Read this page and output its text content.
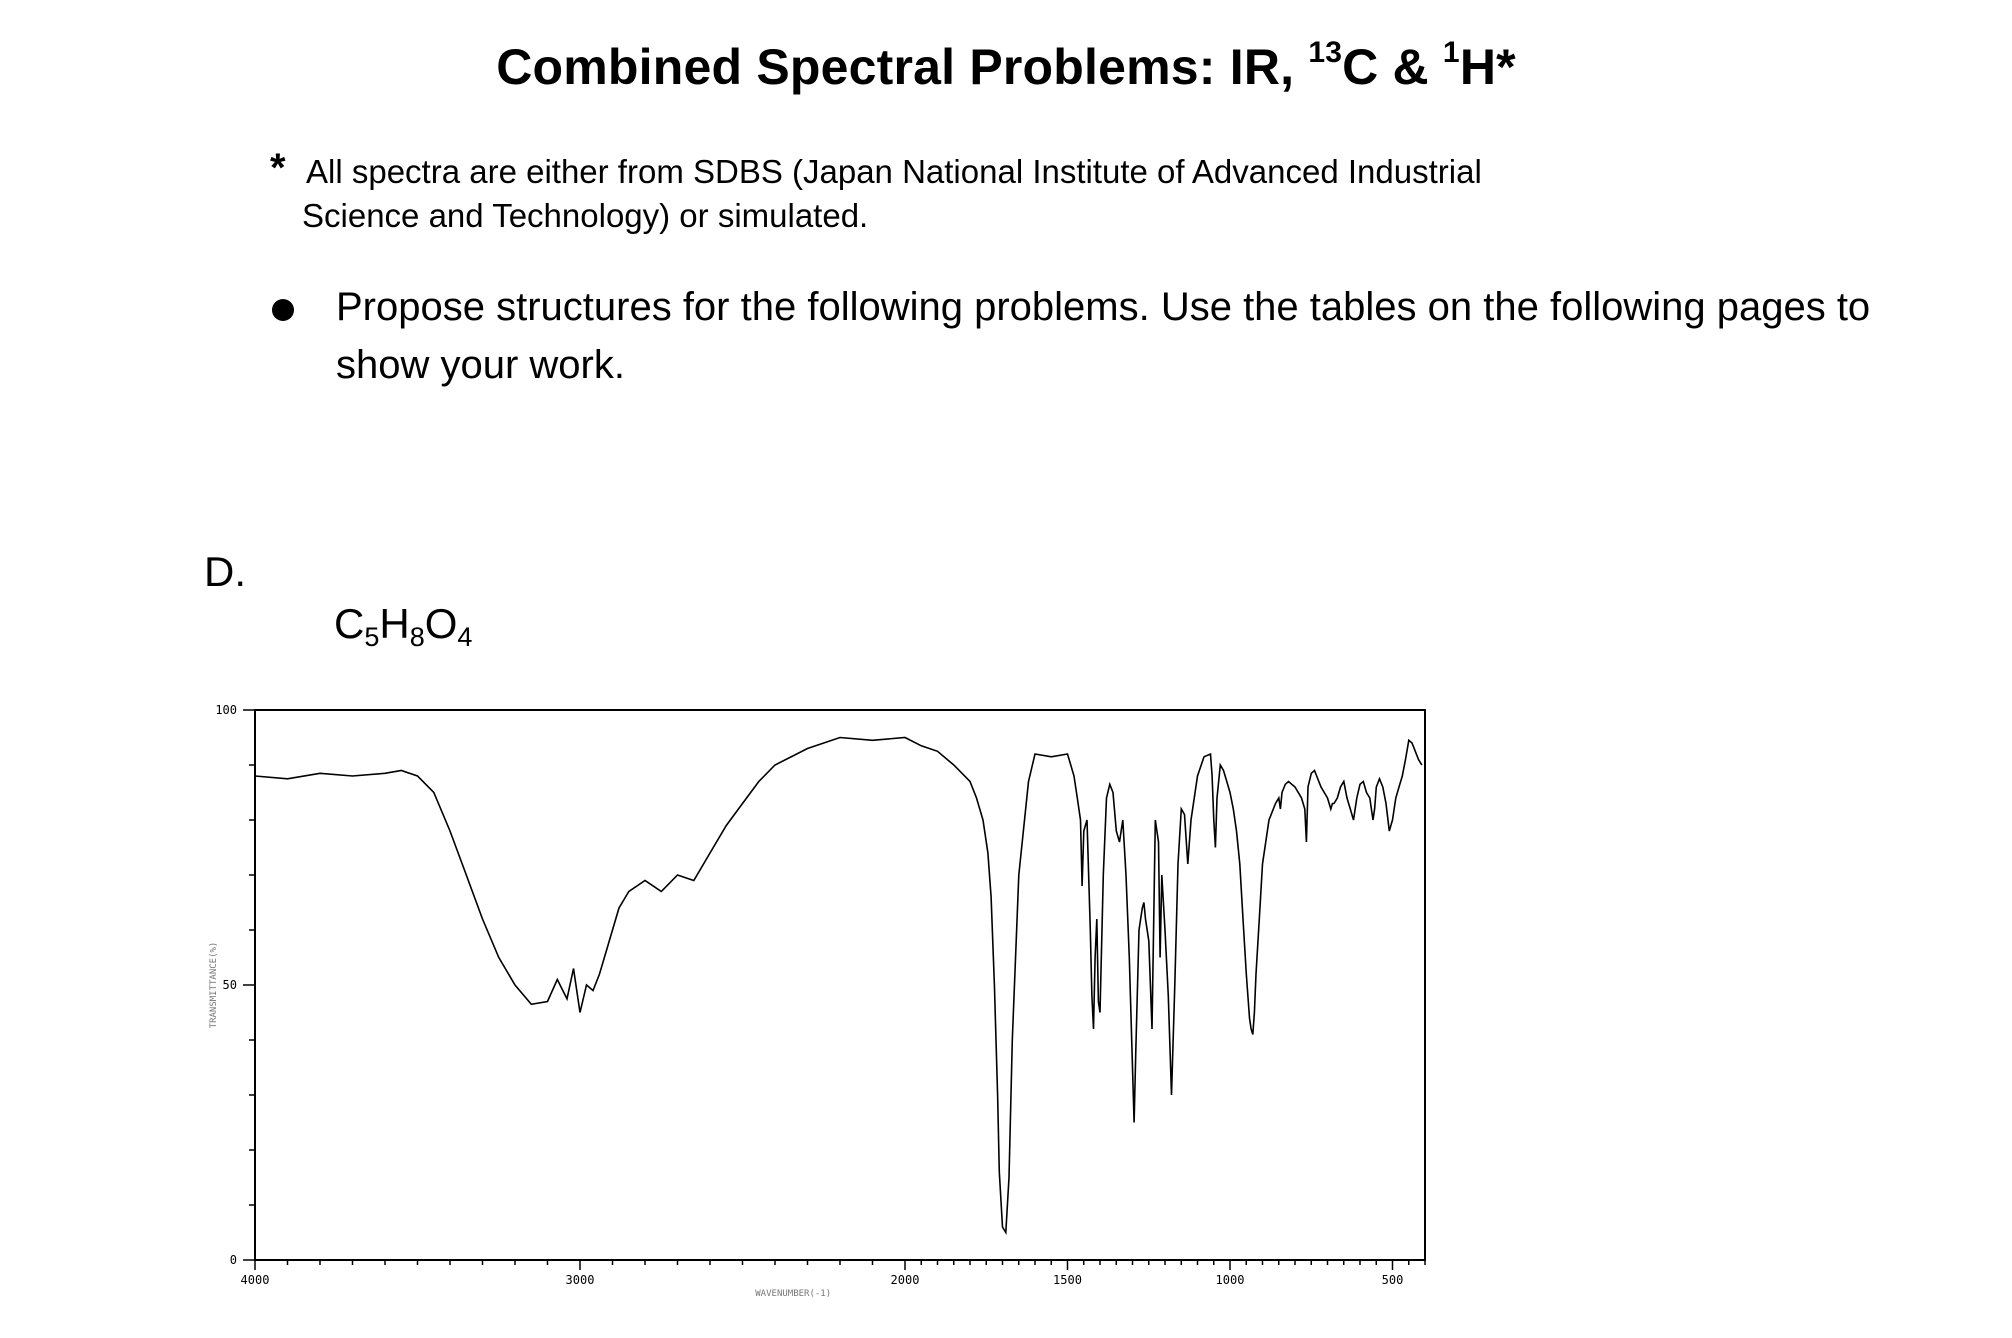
Combined Spectral Problems: IR, $^{13}$C & $^1$H*
* All spectra are either from SDBS (Japan National Institute of Advanced Industrial
Science and Technology) or simulated.
Propose structures for the following problems. Use the tables on the following pages to show your work.
D.
$C_5H_8O_4$
0
50
100
4000	3000	2000	1500	1000	500
TRANSMITTANCE(%)
WAVENUMBER(-1)
